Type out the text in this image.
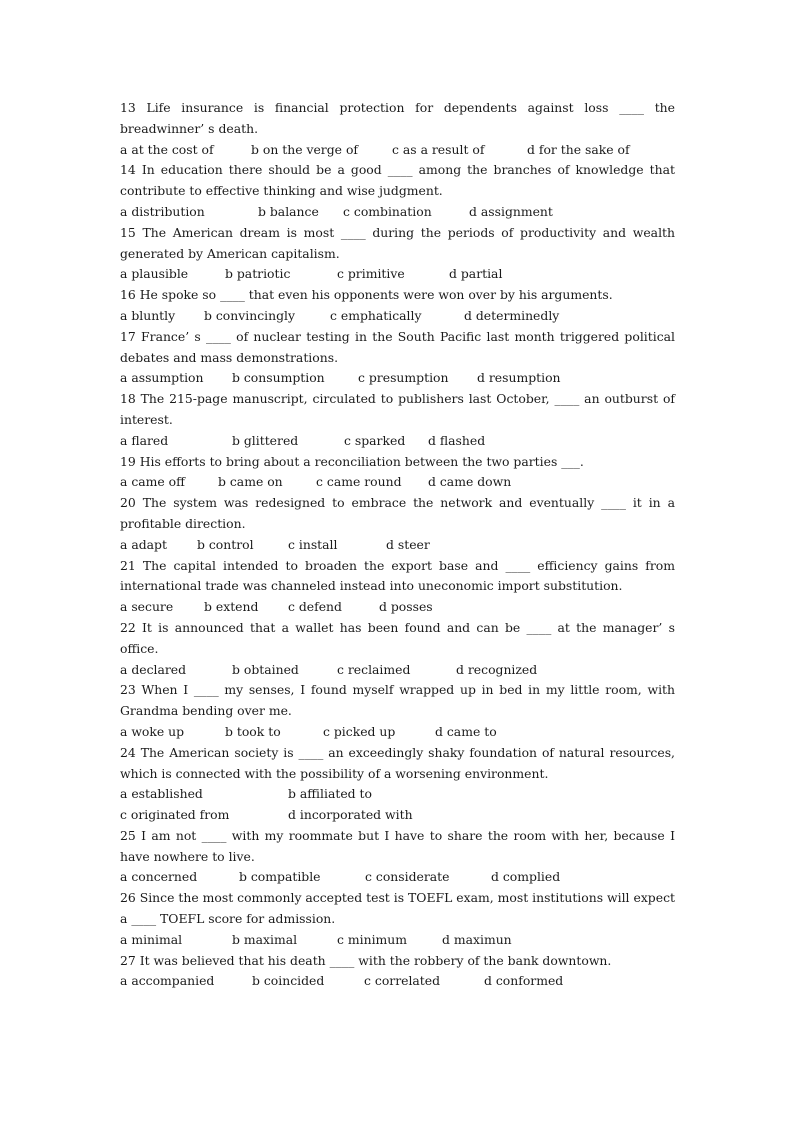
13 Life insurance is financial protection for dependents against loss ____ the breadwinner’ s death.
a at the cost of	b on the verge of	c as a result of	d for the sake of
14 In education there should be a good ____ among the branches of knowledge that contribute to effective thinking and wise judgment.
a distribution	b balance	c combination	d assignment
15 The American dream is most ____ during the periods of productivity and wealth generated by American capitalism.
a plausible	b patriotic	c primitive	d partial
16 He spoke so ____ that even his opponents were won over by his arguments.
a bluntly	b convincingly	c emphatically	d determinedly
17 France’ s ____ of nuclear testing in the South Pacific last month triggered political debates and mass demonstrations.
a assumption	b consumption	c presumption	d resumption
18 The 215-page manuscript, circulated to publishers last October, ____ an outburst of interest.
a flared	b glittered	c sparked	d flashed
19 His efforts to bring about a reconciliation between the two parties ___.
a came off	b came on	c came round	d came down
20 The system was redesigned to embrace the network and eventually ____ it in a profitable direction.
a adapt	b control	c install	d steer
21 The capital intended to broaden the export base and ____ efficiency gains from international trade was channeled instead into uneconomic import substitution.
a secure	b extend	c defend	d posses
22 It is announced that a wallet has been found and can be ____ at the manager’ s office.
a declared	b obtained	c reclaimed	d recognized
23 When I ____ my senses, I found myself wrapped up in bed in my little room, with Grandma bending over me.
a woke up	b took to	c picked up	d came to
24 The American society is ____ an exceedingly shaky foundation of natural resources, which is connected with the possibility of a worsening environment.
a established	b affiliated to
c originated from	d incorporated with
25 I am not ____ with my roommate but I have to share the room with her, because I have nowhere to live.
a concerned	b compatible	c considerate	d complied
26 Since the most commonly accepted test is TOEFL exam, most institutions will expect a ____ TOEFL score for admission.
a minimal	b maximal	c minimum	d maximun
27 It was believed that his death ____ with the robbery of the bank downtown.
a accompanied	b coincided	c correlated	d conformed
